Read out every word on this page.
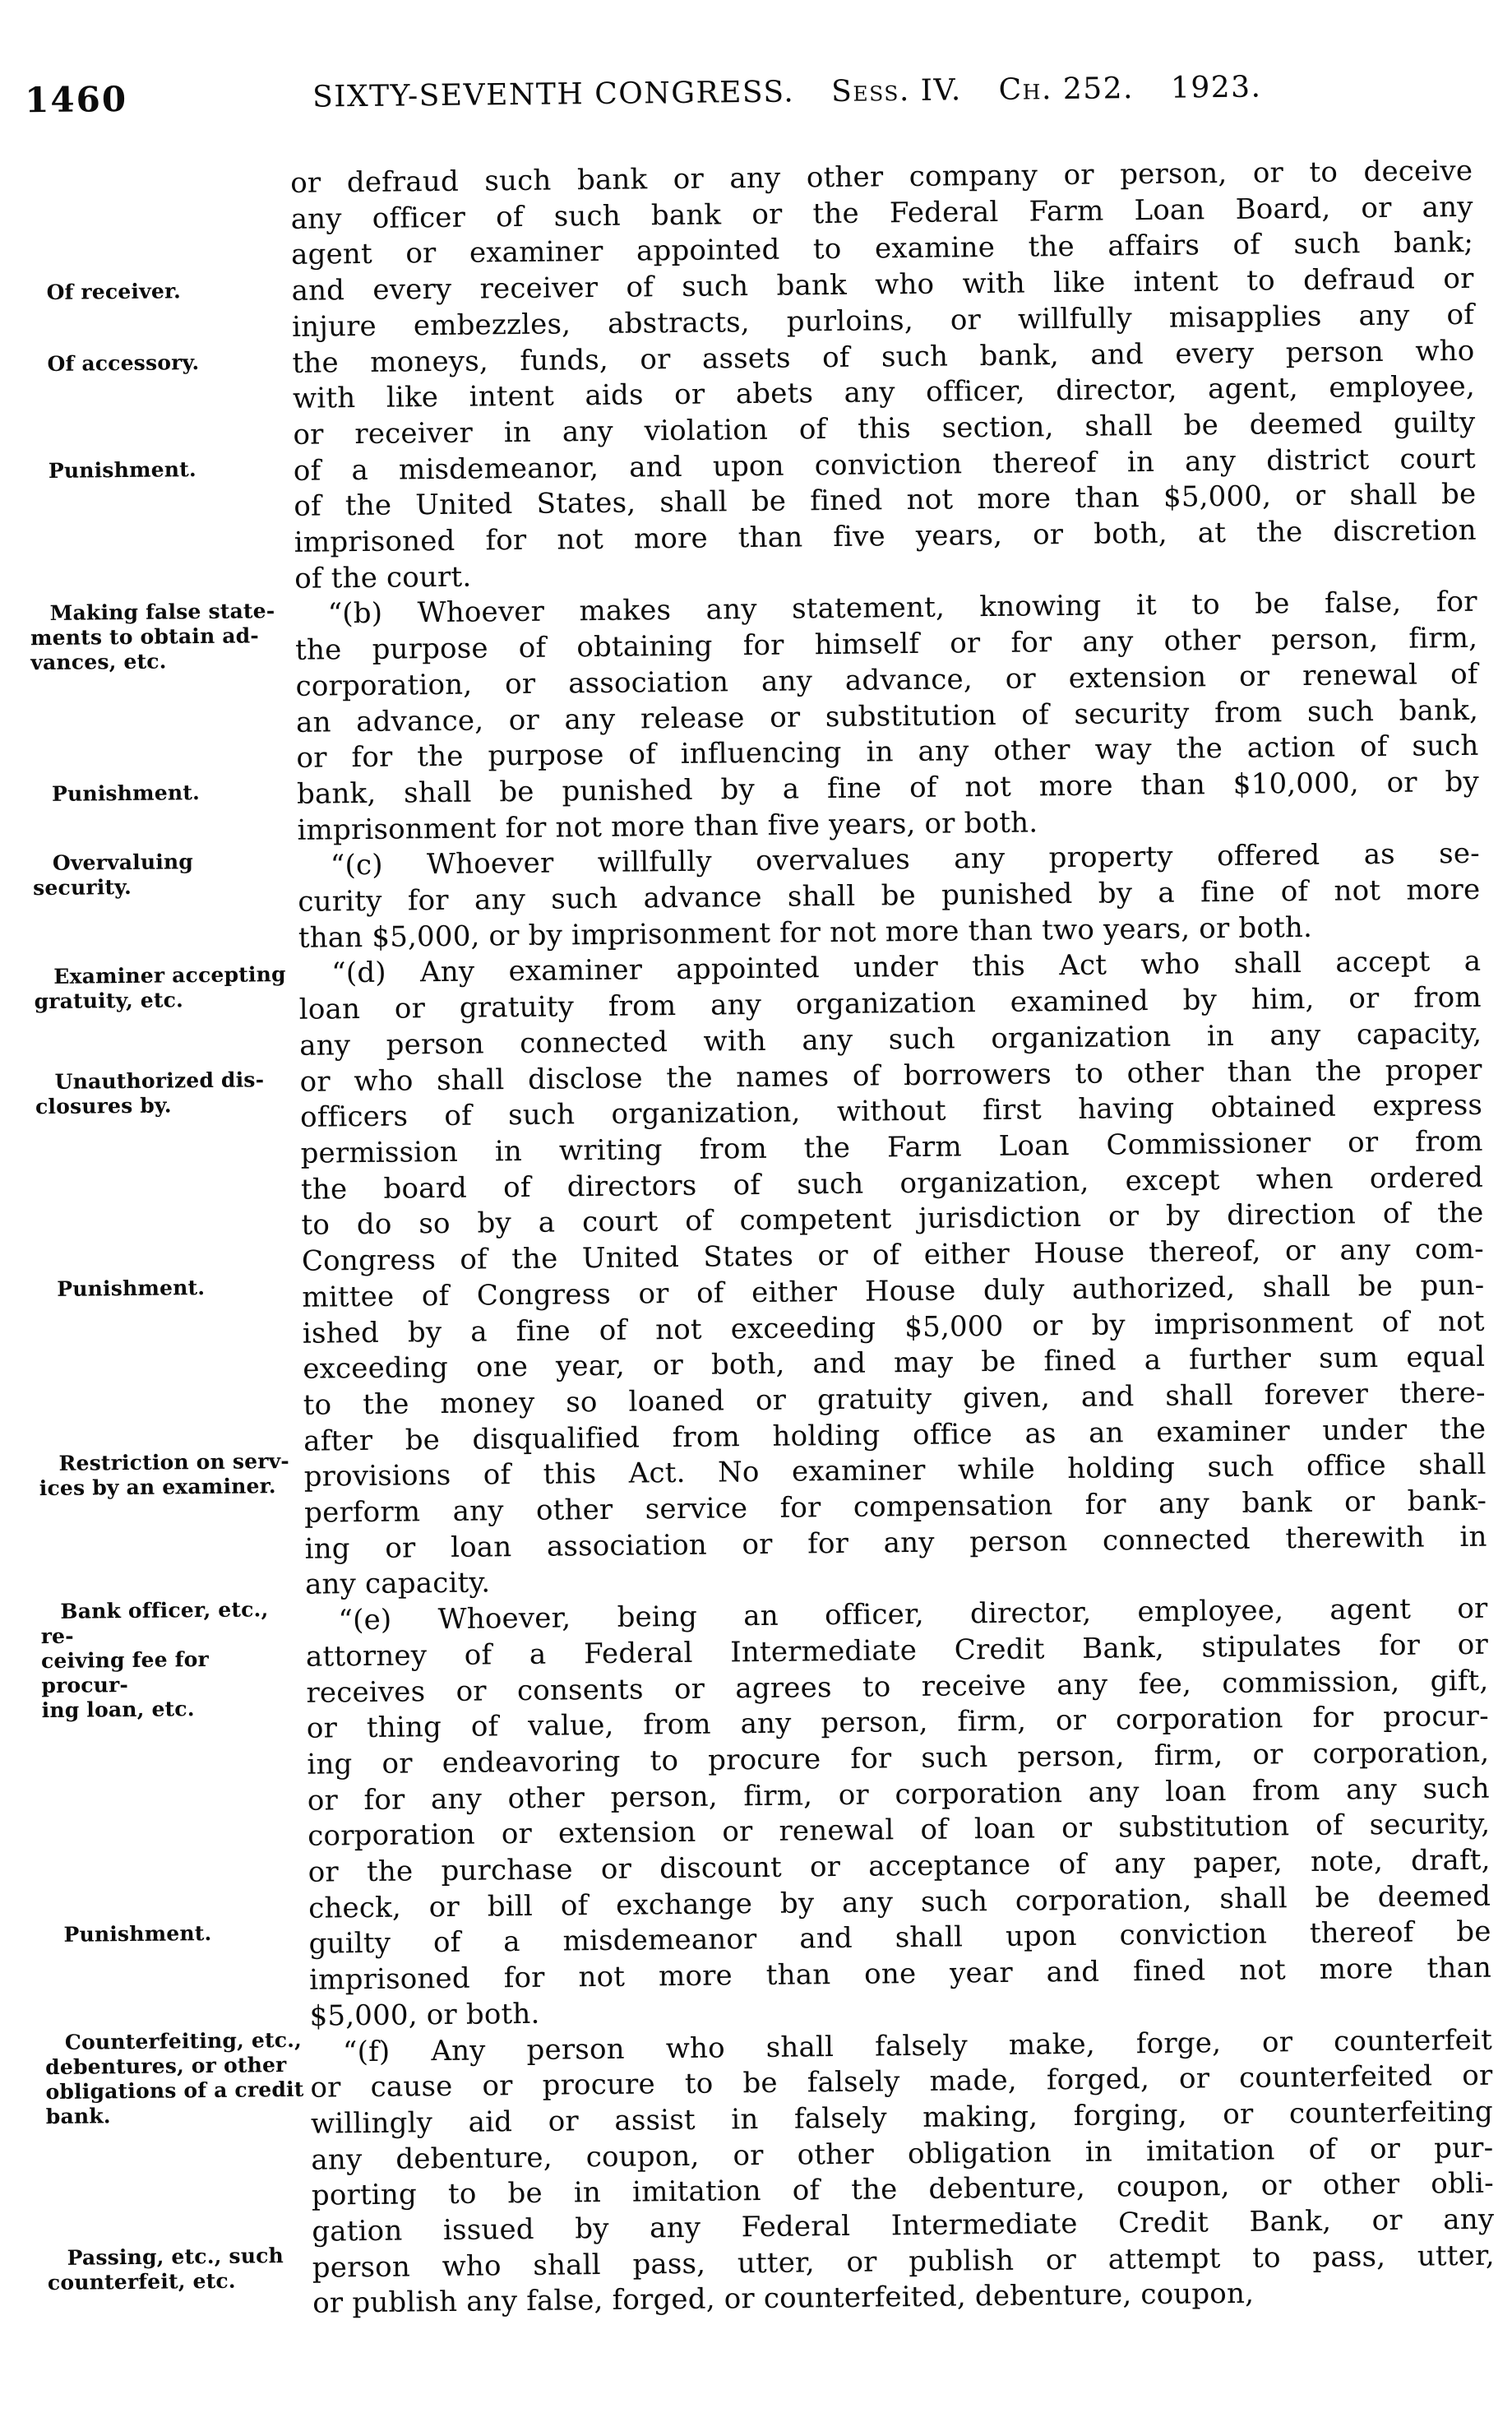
1460	SIXTY-SEVENTH CONGRESS. Sess. IV. Ch. 252. 1923.
Of receiver.
Of accessory.
Punishment.
Making false state-
ments to obtain ad-
vances, etc.
Punishment.
Overvaluing security.
Examiner accepting
gratuity, etc.
Unauthorized dis-
closures by.
Punishment.
Restriction on serv-
ices by an examiner.
Bank officer, etc., re-
ceiving fee for procur-
ing loan, etc.
Punishment.
Counterfeiting, etc.,
debentures, or other
obligations of a credit
bank.
Passing, etc., such
counterfeit, etc.
or defraud such bank or any other company or person, or to deceive
any officer of such bank or the Federal Farm Loan Board, or any
agent or examiner appointed to examine the affairs of such bank;
and every receiver of such bank who with like intent to defraud or
injure embezzles, abstracts, purloins, or willfully misapplies any of
the moneys, funds, or assets of such bank, and every person who
with like intent aids or abets any officer, director, agent, employee,
or receiver in any violation of this section, shall be deemed guilty
of a misdemeanor, and upon conviction thereof in any district court
of the United States, shall be fined not more than $5,000, or shall be
imprisoned for not more than five years, or both, at the discretion
of the court.
“(b) Whoever makes any statement, knowing it to be false, for
the purpose of obtaining for himself or for any other person, firm,
corporation, or association any advance, or extension or renewal of
an advance, or any release or substitution of security from such bank,
or for the purpose of influencing in any other way the action of such
bank, shall be punished by a fine of not more than $10,000, or by
imprisonment for not more than five years, or both.
“(c) Whoever willfully overvalues any property offered as se-
curity for any such advance shall be punished by a fine of not more
than $5,000, or by imprisonment for not more than two years, or both.
“(d) Any examiner appointed under this Act who shall accept a
loan or gratuity from any organization examined by him, or from
any person connected with any such organization in any capacity,
or who shall disclose the names of borrowers to other than the proper
officers of such organization, without first having obtained express
permission in writing from the Farm Loan Commissioner or from
the board of directors of such organization, except when ordered
to do so by a court of competent jurisdiction or by direction of the
Congress of the United States or of either House thereof, or any com-
mittee of Congress or of either House duly authorized, shall be pun-
ished by a fine of not exceeding $5,000 or by imprisonment of not
exceeding one year, or both, and may be fined a further sum equal
to the money so loaned or gratuity given, and shall forever there-
after be disqualified from holding office as an examiner under the
provisions of this Act. No examiner while holding such office shall
perform any other service for compensation for any bank or bank-
ing or loan association or for any person connected therewith in
any capacity.
“(e) Whoever, being an officer, director, employee, agent or
attorney of a Federal Intermediate Credit Bank, stipulates for or
receives or consents or agrees to receive any fee, commission, gift,
or thing of value, from any person, firm, or corporation for procur-
ing or endeavoring to procure for such person, firm, or corporation,
or for any other person, firm, or corporation any loan from any such
corporation or extension or renewal of loan or substitution of security,
or the purchase or discount or acceptance of any paper, note, draft,
check, or bill of exchange by any such corporation, shall be deemed
guilty of a misdemeanor and shall upon conviction thereof be
imprisoned for not more than one year and fined not more than
$5,000, or both.
“(f) Any person who shall falsely make, forge, or counterfeit
or cause or procure to be falsely made, forged, or counterfeited or
willingly aid or assist in falsely making, forging, or counterfeiting
any debenture, coupon, or other obligation in imitation of or pur-
porting to be in imitation of the debenture, coupon, or other obli-
gation issued by any Federal Intermediate Credit Bank, or any
person who shall pass, utter, or publish or attempt to pass, utter,
or publish any false, forged, or counterfeited, debenture, coupon,
